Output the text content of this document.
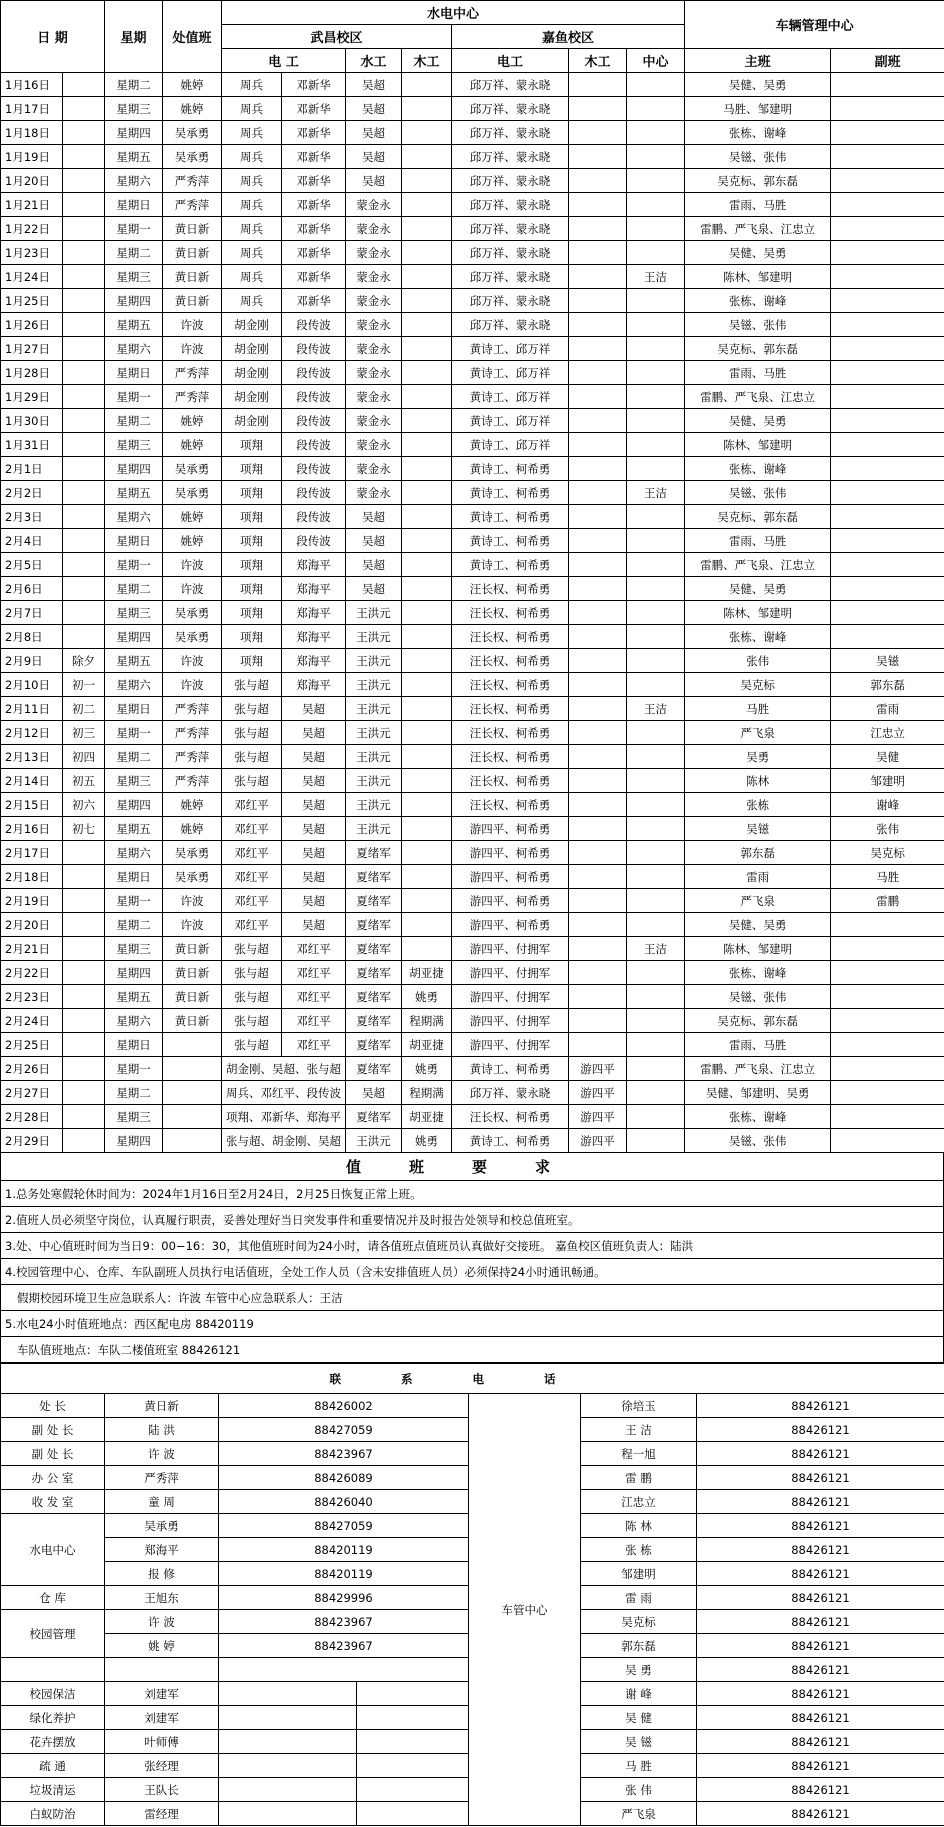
日 期		星期	处值班	水电中心							车辆管理中心	
				武昌校区				嘉鱼校区				
				电 工		水工	木工	电工	木工	中心	主班	副班
1月16日		星期二	姚婷	周兵	邓新华	吴超		邱万祥、蒙永晓			吴健、吴勇	
1月17日		星期三	姚婷	周兵	邓新华	吴超		邱万祥、蒙永晓			马胜、邹建明	
1月18日		星期四	吴承勇	周兵	邓新华	吴超		邱万祥、蒙永晓			张栋、谢峰	
1月19日		星期五	吴承勇	周兵	邓新华	吴超		邱万祥、蒙永晓			吴镃、张伟	
1月20日		星期六	严秀萍	周兵	邓新华	吴超		邱万祥、蒙永晓			吴克标、郭东磊	
1月21日		星期日	严秀萍	周兵	邓新华	蒙金永		邱万祥、蒙永晓			雷雨、马胜	
1月22日		星期一	黄日新	周兵	邓新华	蒙金永		邱万祥、蒙永晓			雷鹏、严飞泉、江忠立	
1月23日		星期二	黄日新	周兵	邓新华	蒙金永		邱万祥、蒙永晓			吴健、吴勇	
1月24日		星期三	黄日新	周兵	邓新华	蒙金永		邱万祥、蒙永晓		王洁	陈林、邹建明	
1月25日		星期四	黄日新	周兵	邓新华	蒙金永		邱万祥、蒙永晓			张栋、谢峰	
1月26日		星期五	许波	胡金刚	段传波	蒙金永		邱万祥、蒙永晓			吴镃、张伟	
1月27日		星期六	许波	胡金刚	段传波	蒙金永		黄诗工、邱万祥			吴克标、郭东磊	
1月28日		星期日	严秀萍	胡金刚	段传波	蒙金永		黄诗工、邱万祥			雷雨、马胜	
1月29日		星期一	严秀萍	胡金刚	段传波	蒙金永		黄诗工、邱万祥			雷鹏、严飞泉、江忠立	
1月30日		星期二	姚婷	胡金刚	段传波	蒙金永		黄诗工、邱万祥			吴健、吴勇	
1月31日		星期三	姚婷	项翔	段传波	蒙金永		黄诗工、邱万祥			陈林、邹建明	
2月1日		星期四	吴承勇	项翔	段传波	蒙金永		黄诗工、柯希勇			张栋、谢峰	
2月2日		星期五	吴承勇	项翔	段传波	蒙金永		黄诗工、柯希勇		王洁	吴镃、张伟	
2月3日		星期六	姚婷	项翔	段传波	吴超		黄诗工、柯希勇			吴克标、郭东磊	
2月4日		星期日	姚婷	项翔	段传波	吴超		黄诗工、柯希勇			雷雨、马胜	
2月5日		星期一	许波	项翔	郑海平	吴超		黄诗工、柯希勇			雷鹏、严飞泉、江忠立	
2月6日		星期二	许波	项翔	郑海平	吴超		汪长权、柯希勇			吴健、吴勇	
2月7日		星期三	吴承勇	项翔	郑海平	王洪元		汪长权、柯希勇			陈林、邹建明	
2月8日		星期四	吴承勇	项翔	郑海平	王洪元		汪长权、柯希勇			张栋、谢峰	
2月9日	除夕	星期五	许波	项翔	郑海平	王洪元		汪长权、柯希勇			张伟	吴镃
2月10日	初一	星期六	许波	张与超	郑海平	王洪元		汪长权、柯希勇			吴克标	郭东磊
2月11日	初二	星期日	严秀萍	张与超	吴超	王洪元		汪长权、柯希勇		王洁	马胜	雷雨
2月12日	初三	星期一	严秀萍	张与超	吴超	王洪元		汪长权、柯希勇			严飞泉	江忠立
2月13日	初四	星期二	严秀萍	张与超	吴超	王洪元		汪长权、柯希勇			吴勇	吴健
2月14日	初五	星期三	严秀萍	张与超	吴超	王洪元		汪长权、柯希勇			陈林	邹建明
2月15日	初六	星期四	姚婷	邓红平	吴超	王洪元		汪长权、柯希勇			张栋	谢峰
2月16日	初七	星期五	姚婷	邓红平	吴超	王洪元		游四平、柯希勇			吴镃	张伟
2月17日		星期六	吴承勇	邓红平	吴超	夏绪军		游四平、柯希勇			郭东磊	吴克标
2月18日		星期日	吴承勇	邓红平	吴超	夏绪军		游四平、柯希勇			雷雨	马胜
2月19日		星期一	许波	邓红平	吴超	夏绪军		游四平、柯希勇			严飞泉	雷鹏
2月20日		星期二	许波	邓红平	吴超	夏绪军		游四平、柯希勇			吴健、吴勇	
2月21日		星期三	黄日新	张与超	邓红平	夏绪军		游四平、付拥军		王洁	陈林、邹建明	
2月22日		星期四	黄日新	张与超	邓红平	夏绪军	胡亚捷	游四平、付拥军			张栋、谢峰	
2月23日		星期五	黄日新	张与超	邓红平	夏绪军	姚勇	游四平、付拥军			吴镃、张伟	
2月24日		星期六	黄日新	张与超	邓红平	夏绪军	程期满	游四平、付拥军			吴克标、郭东磊	
2月25日		星期日		张与超	邓红平	夏绪军	胡亚捷	游四平、付拥军			雷雨、马胜	
2月26日		星期一		胡金刚、吴超、张与超		夏绪军	姚勇	黄诗工、柯希勇	游四平		雷鹏、严飞泉、江忠立	
2月27日		星期二		周兵、邓红平、段传波		吴超	程期满	邱万祥、蒙永晓	游四平		吴健、邹建明、吴勇	
2月28日		星期三		项翔、邓新华、郑海平		夏绪军	胡亚捷	汪长权、柯希勇	游四平		张栋、谢峰	
2月29日		星期四		张与超、胡金刚、吴超		王洪元	姚勇	黄诗工、柯希勇	游四平		吴镃、张伟	
值班要求
1.总务处寒假轮休时间为：2024年1月16日至2月24日，2月25日恢复正常上班。
2.值班人员必须坚守岗位，认真履行职责，妥善处理好当日突发事件和重要情况并及时报告处领导和校总值班室。
3.处、中心值班时间为当日9：00−16：30，其他值班时间为24小时，请各值班点值班员认真做好交接班。 嘉鱼校区值班负责人：陆洪
4.校园管理中心、仓库、车队副班人员执行电话值班，全处工作人员（含未安排值班人员）必须保持24小时通讯畅通。
假期校园环境卫生应急联系人：许波 车管中心应急联系人：王洁
5.水电24小时值班地点：西区配电房 88420119
车队值班地点：车队二楼值班室 88426121
联系电话						
处 长	黄日新	88426002		车管中心	徐培玉	88426121
副 处 长	陆 洪	88427059			王 洁	88426121
副 处 长	许 波	88423967			程一旭	88426121
办 公 室	严秀萍	88426089			雷 鹏	88426121
收 发 室	童 周	88426040			江忠立	88426121
水电中心	吴承勇	88427059			陈 林	88426121
	郑海平	88420119			张 栋	88426121
	报 修	88420119			邹建明	88426121
仓 库	王旭东	88429996			雷 雨	88426121
校园管理	许 波	88423967			吴克标	88426121
	姚 婷	88423967			郭东磊	88426121
					吴 勇	88426121
校园保洁	刘建军				谢 峰	88426121
绿化养护	刘建军				吴 健	88426121
花卉摆放	叶师傅				吴 镃	88426121
疏 通	张经理				马 胜	88426121
垃圾清运	王队长				张 伟	88426121
白蚁防治	雷经理				严飞泉	88426121
